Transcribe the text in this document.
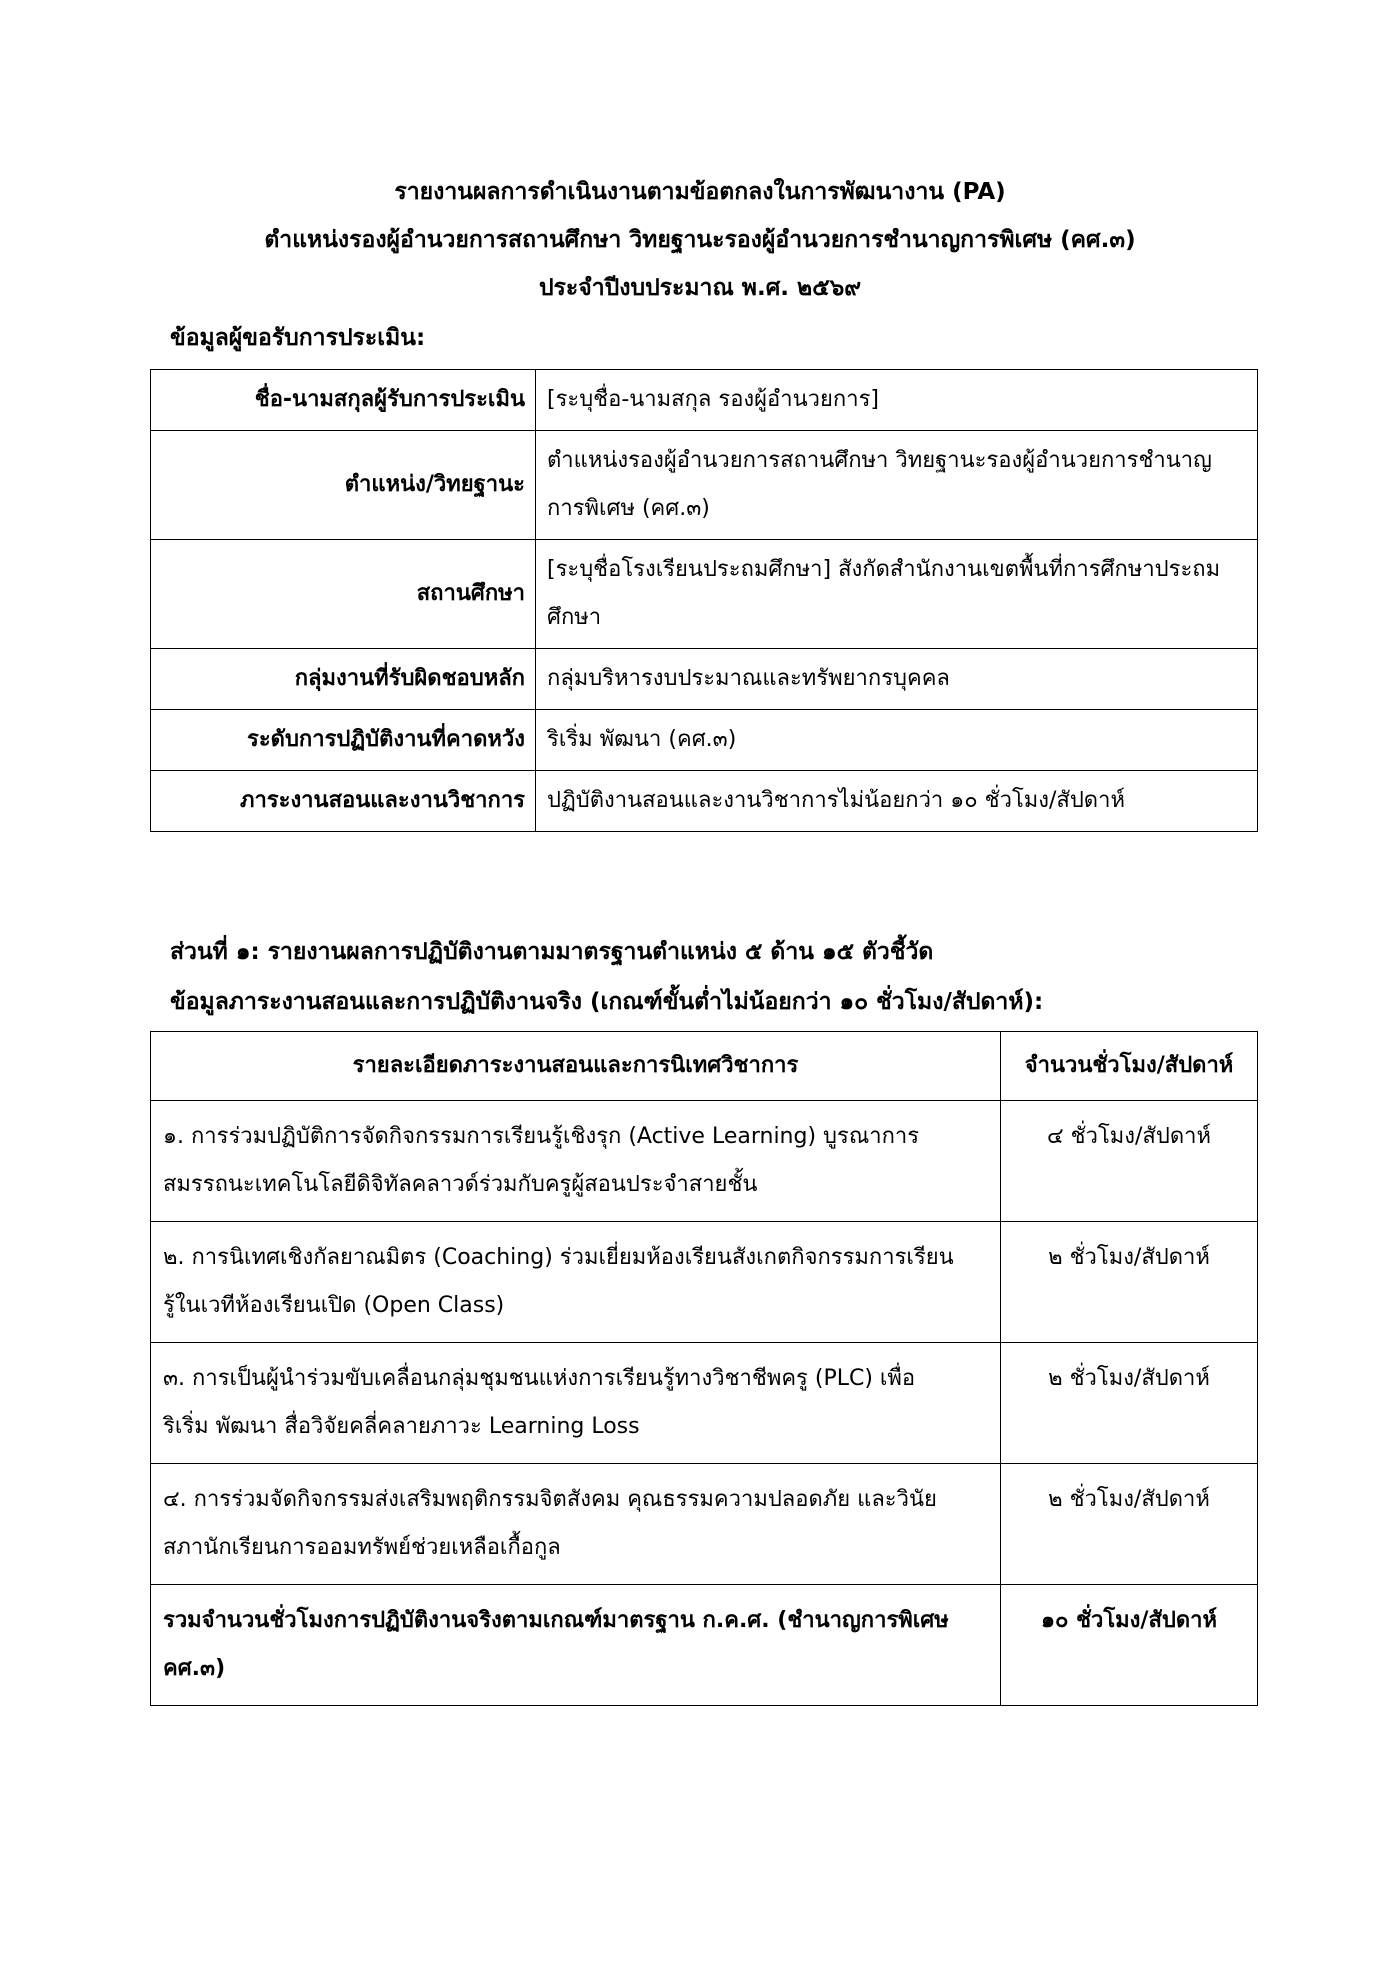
รายงานผลการดำเนินงานตามข้อตกลงในการพัฒนางาน (PA)
ตำแหน่งรองผู้อำนวยการสถานศึกษา วิทยฐานะรองผู้อำนวยการชำนาญการพิเศษ (คศ.๓)
ประจำปีงบประมาณ พ.ศ. ๒๕๖๙
ข้อมูลผู้ขอรับการประเมิน:
ชื่อ-นามสกุลผู้รับการประเมิน	[ระบุชื่อ-นามสกุล รองผู้อำนวยการ]
ตำแหน่ง/วิทยฐานะ	ตำแหน่งรองผู้อำนวยการสถานศึกษา วิทยฐานะรองผู้อำนวยการชำนาญการพิเศษ (คศ.๓)
สถานศึกษา	[ระบุชื่อโรงเรียนประถมศึกษา] สังกัดสำนักงานเขตพื้นที่การศึกษาประถมศึกษา
กลุ่มงานที่รับผิดชอบหลัก	กลุ่มบริหารงบประมาณและทรัพยากรบุคคล
ระดับการปฏิบัติงานที่คาดหวัง	ริเริ่ม พัฒนา (คศ.๓)
ภาระงานสอนและงานวิชาการ	ปฏิบัติงานสอนและงานวิชาการไม่น้อยกว่า ๑๐ ชั่วโมง/สัปดาห์
ส่วนที่ ๑: รายงานผลการปฏิบัติงานตามมาตรฐานตำแหน่ง ๕ ด้าน ๑๕ ตัวชี้วัด
ข้อมูลภาระงานสอนและการปฏิบัติงานจริง (เกณฑ์ขั้นต่ำไม่น้อยกว่า ๑๐ ชั่วโมง/สัปดาห์):
รายละเอียดภาระงานสอนและการนิเทศวิชาการ	จำนวนชั่วโมง/สัปดาห์
๑. การร่วมปฏิบัติการจัดกิจกรรมการเรียนรู้เชิงรุก (Active Learning) บูรณาการสมรรถนะเทคโนโลยีดิจิทัลคลาวด์ร่วมกับครูผู้สอนประจำสายชั้น	๔ ชั่วโมง/สัปดาห์
๒. การนิเทศเชิงกัลยาณมิตร (Coaching) ร่วมเยี่ยมห้องเรียนสังเกตกิจกรรมการเรียนรู้ในเวทีห้องเรียนเปิด (Open Class)	๒ ชั่วโมง/สัปดาห์
๓. การเป็นผู้นำร่วมขับเคลื่อนกลุ่มชุมชนแห่งการเรียนรู้ทางวิชาชีพครู (PLC) เพื่อริเริ่ม พัฒนา สื่อวิจัยคลี่คลายภาวะ Learning Loss	๒ ชั่วโมง/สัปดาห์
๔. การร่วมจัดกิจกรรมส่งเสริมพฤติกรรมจิตสังคม คุณธรรมความปลอดภัย และวินัยสภานักเรียนการออมทรัพย์ช่วยเหลือเกื้อกูล	๒ ชั่วโมง/สัปดาห์
รวมจำนวนชั่วโมงการปฏิบัติงานจริงตามเกณฑ์มาตรฐาน ก.ค.ศ. (ชำนาญการพิเศษ คศ.๓)	๑๐ ชั่วโมง/สัปดาห์
